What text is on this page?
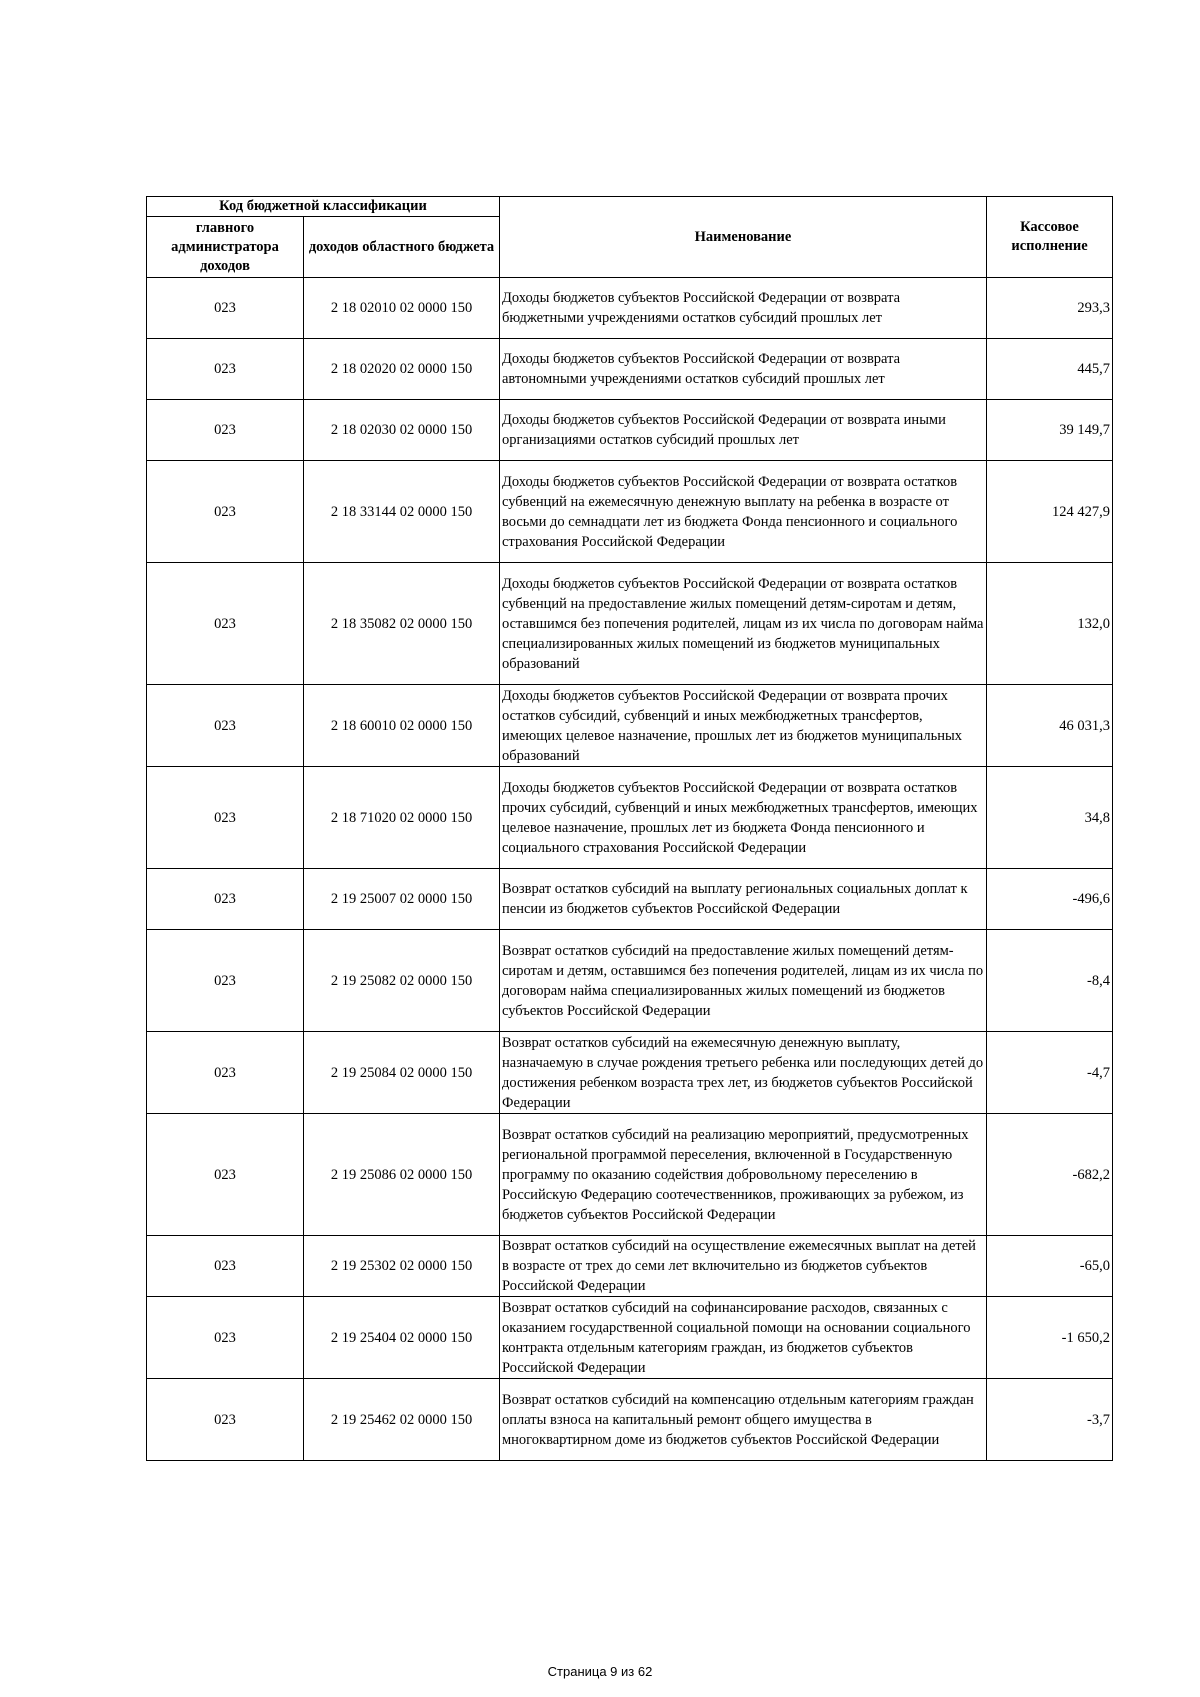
Код бюджетной классификации		Наименование	Кассовое исполнение
главного администратора доходов	доходов областного бюджета		
023	2 18 02010 02 0000 150	Доходы бюджетов субъектов Российской Федерации от возврата бюджетными учреждениями остатков субсидий прошлых лет	293,3
023	2 18 02020 02 0000 150	Доходы бюджетов субъектов Российской Федерации от возврата автономными учреждениями остатков субсидий прошлых лет	445,7
023	2 18 02030 02 0000 150	Доходы бюджетов субъектов Российской Федерации от возврата иными организациями остатков субсидий прошлых лет	39 149,7
023	2 18 33144 02 0000 150	Доходы бюджетов субъектов Российской Федерации от возврата остатков субвенций на ежемесячную денежную выплату на ребенка в возрасте от восьми до семнадцати лет из бюджета Фонда пенсионного и социального страхования Российской Федерации	124 427,9
023	2 18 35082 02 0000 150	Доходы бюджетов субъектов Российской Федерации от возврата остатков субвенций на предоставление жилых помещений детям-сиротам и детям, оставшимся без попечения родителей, лицам из их числа по договорам найма специализированных жилых помещений из бюджетов муниципальных образований	132,0
023	2 18 60010 02 0000 150	Доходы бюджетов субъектов Российской Федерации от возврата прочих остатков субсидий, субвенций и иных межбюджетных трансфертов, имеющих целевое назначение, прошлых лет из бюджетов муниципальных образований	46 031,3
023	2 18 71020 02 0000 150	Доходы бюджетов субъектов Российской Федерации от возврата остатков прочих субсидий, субвенций и иных межбюджетных трансфертов, имеющих целевое назначение, прошлых лет из бюджета Фонда пенсионного и социального страхования Российской Федерации	34,8
023	2 19 25007 02 0000 150	Возврат остатков субсидий на выплату региональных социальных доплат к пенсии из бюджетов субъектов Российской Федерации	-496,6
023	2 19 25082 02 0000 150	Возврат остатков субсидий на предоставление жилых помещений детям-сиротам и детям, оставшимся без попечения родителей, лицам из их числа по договорам найма специализированных жилых помещений из бюджетов субъектов Российской Федерации	-8,4
023	2 19 25084 02 0000 150	Возврат остатков субсидий на ежемесячную денежную выплату, назначаемую в случае рождения третьего ребенка или последующих детей до достижения ребенком возраста трех лет, из бюджетов субъектов Российской Федерации	-4,7
023	2 19 25086 02 0000 150	Возврат остатков субсидий на реализацию мероприятий, предусмотренных региональной программой переселения, включенной в Государственную программу по оказанию содействия добровольному переселению в Российскую Федерацию соотечественников, проживающих за рубежом, из бюджетов субъектов Российской Федерации	-682,2
023	2 19 25302 02 0000 150	Возврат остатков субсидий на осуществление ежемесячных выплат на детей в возрасте от трех до семи лет включительно из бюджетов субъектов Российской Федерации	-65,0
023	2 19 25404 02 0000 150	Возврат остатков субсидий на софинансирование расходов, связанных с оказанием государственной социальной помощи на основании социального контракта отдельным категориям граждан, из бюджетов субъектов Российской Федерации	-1 650,2
023	2 19 25462 02 0000 150	Возврат остатков субсидий на компенсацию отдельным категориям граждан оплаты взноса на капитальный ремонт общего имущества в многоквартирном доме из бюджетов субъектов Российской Федерации	-3,7
Страница 9 из 62
